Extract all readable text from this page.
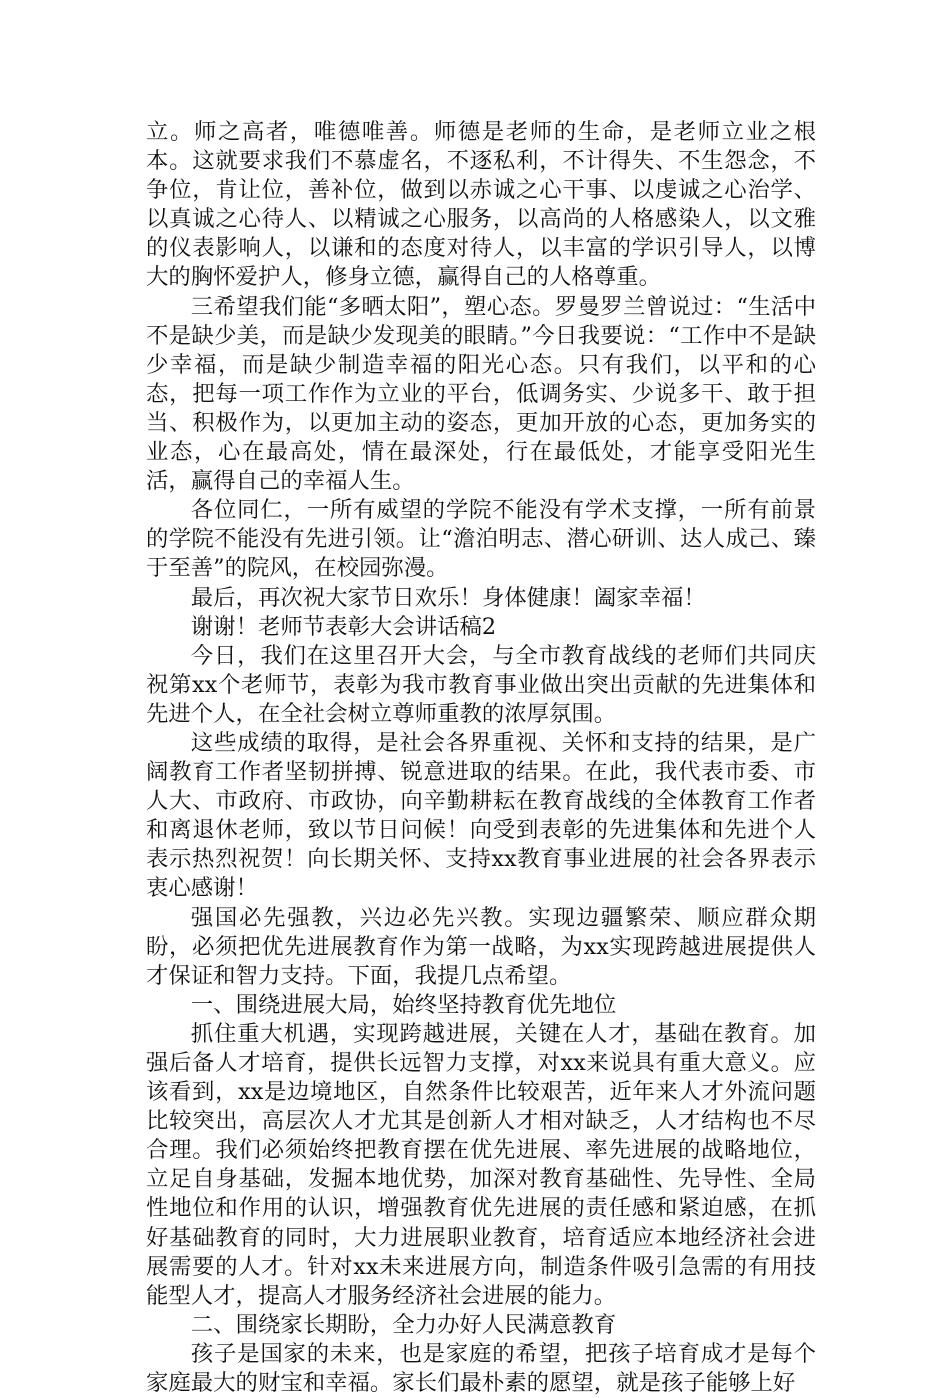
立。师之高者，唯德唯善。师德是老师的生命，是老师立业之根本。这就要求我们不慕虚名，不逐私利，不计得失、不生怨念，不争位，肯让位，善补位，做到以赤诚之心干事、以虔诚之心治学、以真诚之心待人、以精诚之心服务，以高尚的人格感染人，以文雅的仪表影响人，以谦和的态度对待人，以丰富的学识引导人，以博大的胸怀爱护人，修身立德，赢得自己的人格尊重。

三希望我们能“多晒太阳”，塑心态。罗曼罗兰曾说过：“生活中不是缺少美，而是缺少发现美的眼睛。”今日我要说：“工作中不是缺少幸福，而是缺少制造幸福的阳光心态。只有我们，以平和的心态，把每一项工作作为立业的平台，低调务实、少说多干、敢于担当、积极作为，以更加主动的姿态，更加开放的心态，更加务实的业态，心在最高处，情在最深处，行在最低处，才能享受阳光生活，赢得自己的幸福人生。

各位同仁，一所有威望的学院不能没有学术支撑，一所有前景的学院不能没有先进引领。让“澹泊明志、潜心研训、达人成己、臻于至善”的院风，在校园弥漫。

最后，再次祝大家节日欢乐！身体健康！阖家幸福！

谢谢！老师节表彰大会讲话稿2

今日，我们在这里召开大会，与全市教育战线的老师们共同庆祝第xx个老师节，表彰为我市教育事业做出突出贡献的先进集体和先进个人，在全社会树立尊师重教的浓厚氛围。

这些成绩的取得，是社会各界重视、关怀和支持的结果，是广阔教育工作者坚韧拼搏、锐意进取的结果。在此，我代表市委、市人大、市政府、市政协，向辛勤耕耘在教育战线的全体教育工作者和离退休老师，致以节日问候！向受到表彰的先进集体和先进个人表示热烈祝贺！向长期关怀、支持xx教育事业进展的社会各界表示衷心感谢！

强国必先强教，兴边必先兴教。实现边疆繁荣、顺应群众期盼，必须把优先进展教育作为第一战略，为xx实现跨越进展提供人才保证和智力支持。下面，我提几点希望。

一、围绕进展大局，始终坚持教育优先地位

抓住重大机遇，实现跨越进展，关键在人才，基础在教育。加强后备人才培育，提供长远智力支撑，对xx来说具有重大意义。应该看到，xx是边境地区，自然条件比较艰苦，近年来人才外流问题比较突出，高层次人才尤其是创新人才相对缺乏，人才结构也不尽合理。我们必须始终把教育摆在优先进展、率先进展的战略地位，立足自身基础，发掘本地优势，加深对教育基础性、先导性、全局性地位和作用的认识，增强教育优先进展的责任感和紧迫感，在抓好基础教育的同时，大力进展职业教育，培育适应本地经济社会进展需要的人才。针对xx未来进展方向，制造条件吸引急需的有用技能型人才，提高人才服务经济社会进展的能力。

二、围绕家长期盼，全力办好人民满意教育

孩子是国家的未来，也是家庭的希望，把孩子培育成才是每个家庭最大的财宝和幸福。家长们最朴素的愿望，就是孩子能够上好
